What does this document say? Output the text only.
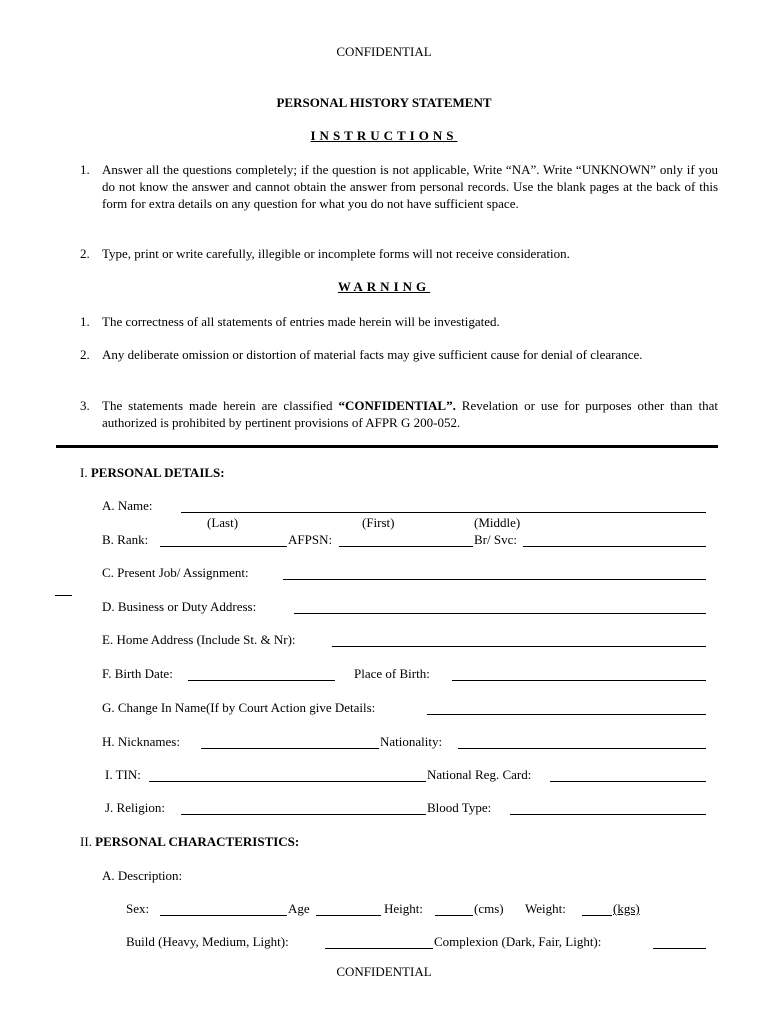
CONFIDENTIAL
PERSONAL HISTORY STATEMENT
INSTRUCTIONS
1. Answer all the questions completely; if the question is not applicable, Write “NA”. Write “UNKNOWN” only if you do not know the answer and cannot obtain the answer from personal records. Use the blank pages at the back of this form for extra details on any question for what you do not have sufficient space.
2. Type, print or write carefully, illegible or incomplete forms will not receive consideration.
WARNING
1. The correctness of all statements of entries made herein will be investigated.
2. Any deliberate omission or distortion of material facts may give sufficient cause for denial of clearance.
3. The statements made herein are classified “CONFIDENTIAL”. Revelation or use for purposes other than that authorized is prohibited by pertinent provisions of AFPR G 200-052.
I. PERSONAL DETAILS:
A. Name:
(Last)	(First)	(Middle)
B. Rank:	AFPSN:	Br/ Svc:
C. Present Job/ Assignment:
D. Business or Duty Address:
E. Home Address (Include St. & Nr):
F. Birth Date:	Place of Birth:
G. Change In Name(If by Court Action give Details:
H. Nicknames:	Nationality:
I. TIN:	National Reg. Card:
J. Religion:	Blood Type:
II. PERSONAL CHARACTERISTICS:
A. Description:
Sex:	Age	Height:	(cms) Weight:	(kgs)
Build (Heavy, Medium, Light):	Complexion (Dark, Fair, Light):
CONFIDENTIAL
